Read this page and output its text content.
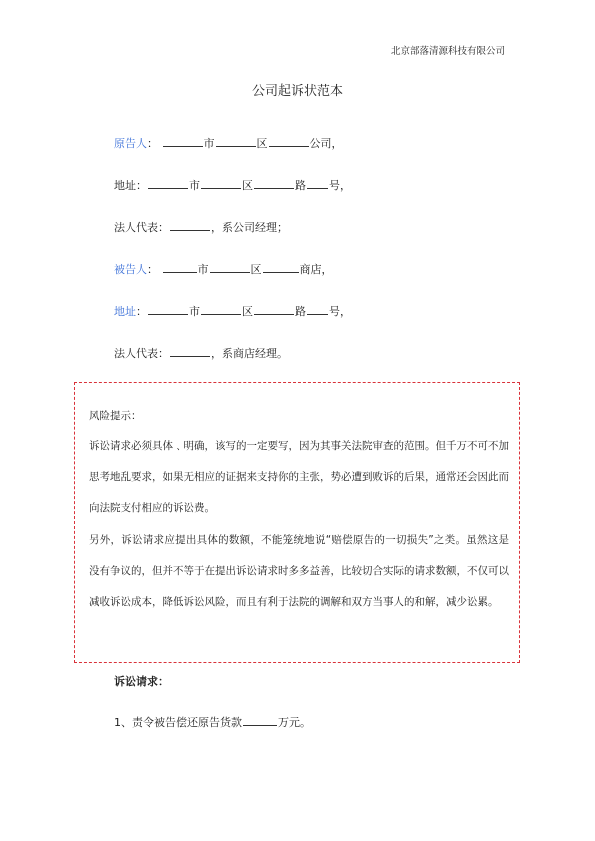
北京部落清源科技有限公司
公司起诉状范本
原告人：	市	区	公司，
地址：	市	区	路 号，
法人代表：	，系公司经理；
被告人：	市	区	商店，
地址：	市	区	路 号，
法人代表：	，系商店经理。
风险提示：
诉讼请求必须具体﹑明确，该写的一定要写，因为其事关法院审查的范围。但千万不可不加思考地乱要求，如果无相应的证据来支持你的主张，势必遭到败诉的后果，通常还会因此而向法院支付相应的诉讼费。
另外，诉讼请求应提出具体的数额，不能笼统地说“赔偿原告的一切损失”之类。虽然这是没有争议的，但并不等于在提出诉讼请求时多多益善，比较切合实际的请求数额，不仅可以减收诉讼成本，降低诉讼风险，而且有利于法院的调解和双方当事人的和解，减少讼累。
诉讼请求：
1、责令被告偿还原告货款	万元。
